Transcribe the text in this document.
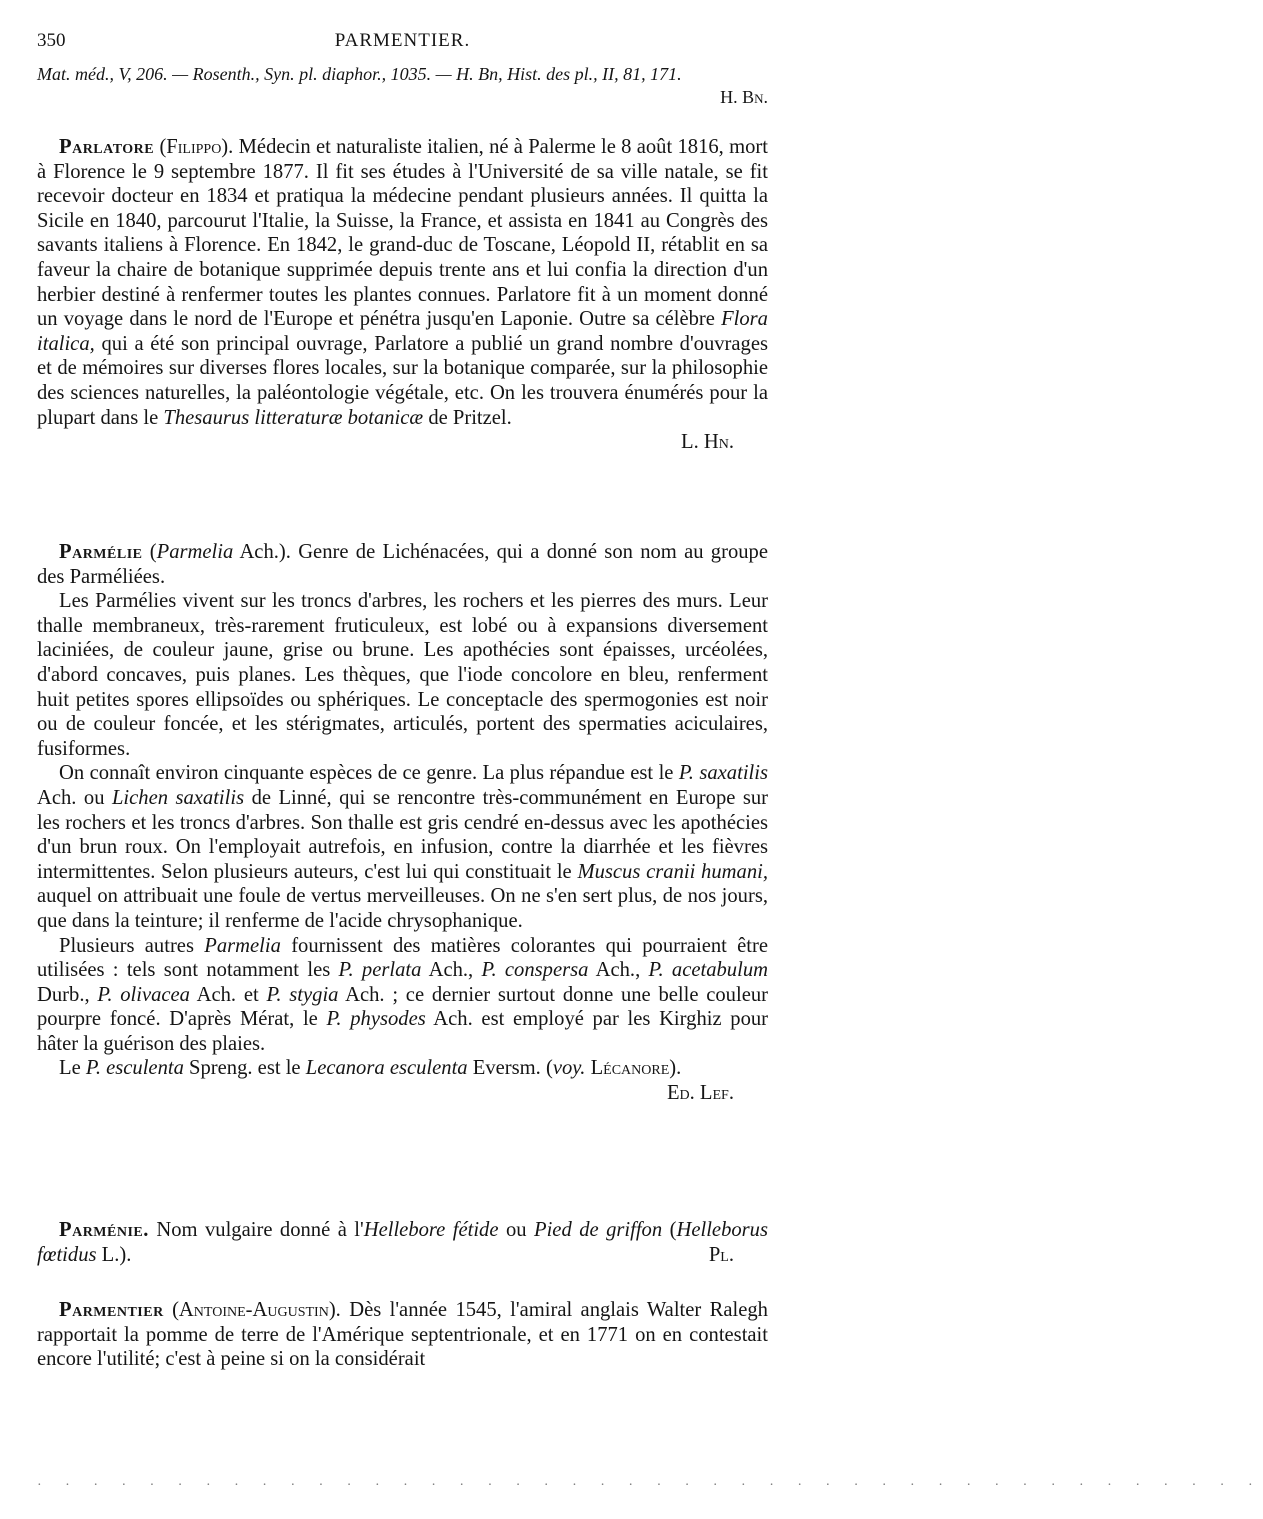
350	PARMENTIER.
Mat. méd., V, 206. — Rosenth., Syn. pl. diaphor., 1035. — H. Bn, Hist. des pl., II, 81, 171.
H. Bn.

Parlatore (Filippo). Médecin et naturaliste italien, né à Palerme le 8 août 1816, mort à Florence le 9 septembre 1877. Il fit ses études à l'Université de sa ville natale, se fit recevoir docteur en 1834 et pratiqua la médecine pendant plusieurs années. Il quitta la Sicile en 1840, parcourut l'Italie, la Suisse, la France, et assista en 1841 au Congrès des savants italiens à Florence. En 1842, le grand-duc de Toscane, Léopold II, rétablit en sa faveur la chaire de botanique supprimée depuis trente ans et lui confia la direction d'un herbier destiné à renfermer toutes les plantes connues. Parlatore fit à un moment donné un voyage dans le nord de l'Europe et pénétra jusqu'en Laponie. Outre sa célèbre Flora italica, qui a été son principal ouvrage, Parlatore a publié un grand nombre d'ouvrages et de mémoires sur diverses flores locales, sur la botanique comparée, sur la philosophie des sciences naturelles, la paléontologie végétale, etc. On les trouvera énumérés pour la plupart dans le Thesaurus litteraturæ botanicæ de Pritzel.

L. Hn.

Parmélie (Parmelia Ach.). Genre de Lichénacées, qui a donné son nom au groupe des Parméliées.

Les Parmélies vivent sur les troncs d'arbres, les rochers et les pierres des murs. Leur thalle membraneux, très-rarement fruticuleux, est lobé ou à expansions diversement laciniées, de couleur jaune, grise ou brune. Les apothécies sont épaisses, urcéolées, d'abord concaves, puis planes. Les thèques, que l'iode concolore en bleu, renferment huit petites spores ellipsoïdes ou sphériques. Le conceptacle des spermogonies est noir ou de couleur foncée, et les stérigmates, articulés, portent des spermaties aciculaires, fusiformes.

On connaît environ cinquante espèces de ce genre. La plus répandue est le P. saxatilis Ach. ou Lichen saxatilis de Linné, qui se rencontre très-communément en Europe sur les rochers et les troncs d'arbres. Son thalle est gris cendré en-dessus avec les apothécies d'un brun roux. On l'employait autrefois, en infusion, contre la diarrhée et les fièvres intermittentes. Selon plusieurs auteurs, c'est lui qui constituait le Muscus cranii humani, auquel on attribuait une foule de vertus merveilleuses. On ne s'en sert plus, de nos jours, que dans la teinture; il renferme de l'acide chrysophanique.

Plusieurs autres Parmelia fournissent des matières colorantes qui pourraient être utilisées : tels sont notamment les P. perlata Ach., P. conspersa Ach., P. acetabulum Durb., P. olivacea Ach. et P. stygia Ach. ; ce dernier surtout donne une belle couleur pourpre foncé. D'après Mérat, le P. physodes Ach. est employé par les Kirghiz pour hâter la guérison des plaies.

Le P. esculenta Spreng. est le Lecanora esculenta Eversm. (voy. Lécanore).

Ed. Lef.

Parménie. Nom vulgaire donné à l'Hellebore fétide ou Pied de griffon (Helleborus fœtidus L.).	Pl.

Parmentier (Antoine-Augustin). Dès l'année 1545, l'amiral anglais Walter Ralegh rapportait la pomme de terre de l'Amérique septentrionale, et en 1771 on en contestait encore l'utilité; c'est à peine si on la considérait

· · · · · · · · · · · · · · · · · · · · · · · · · · · · · · · · · · · · · · · · · · · ·
